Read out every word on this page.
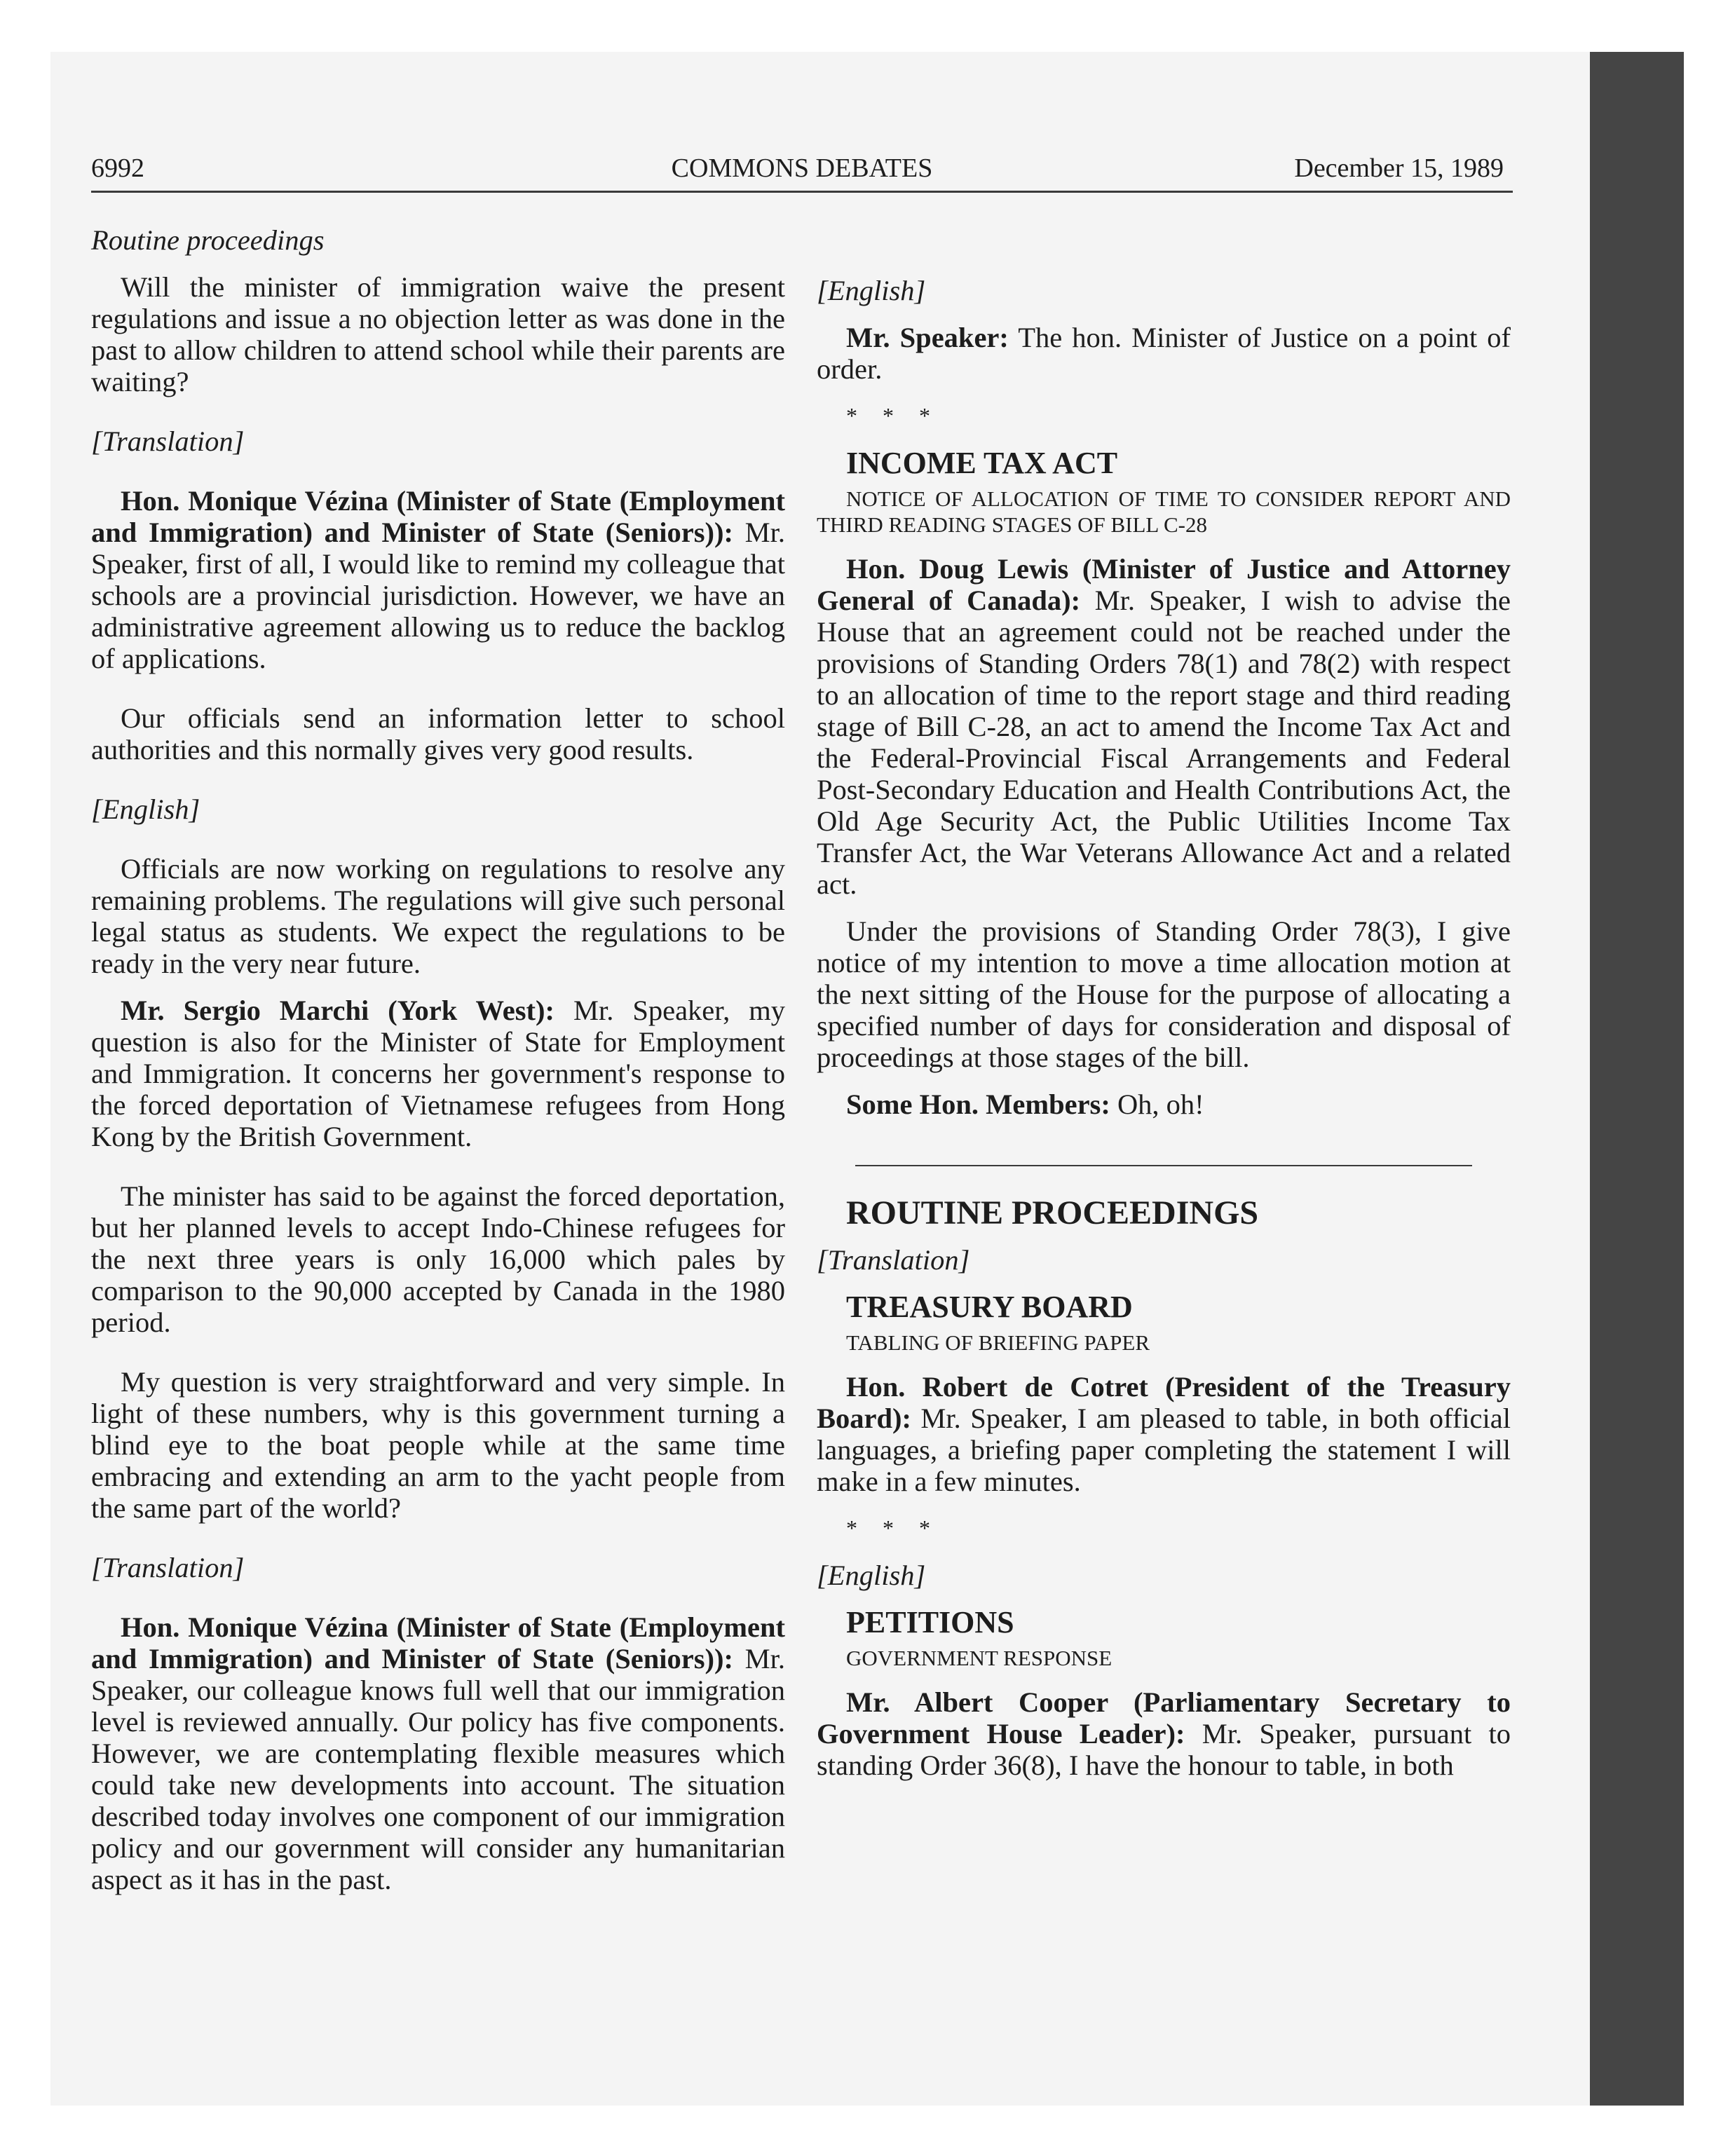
6992	COMMONS DEBATES	December 15, 1989

Routine proceedings

Will the minister of immigration waive the present regulations and issue a no objection letter as was done in the past to allow children to attend school while their parents are waiting?

[Translation]

Hon. Monique Vézina (Minister of State (Employment and Immigration) and Minister of State (Seniors)): Mr. Speaker, first of all, I would like to remind my colleague that schools are a provincial jurisdiction. However, we have an administrative agreement allowing us to reduce the backlog of applications.

Our officials send an information letter to school authorities and this normally gives very good results.

[English]

Officials are now working on regulations to resolve any remaining problems. The regulations will give such personal legal status as students. We expect the regulations to be ready in the very near future.

Mr. Sergio Marchi (York West): Mr. Speaker, my question is also for the Minister of State for Employment and Immigration. It concerns her government's response to the forced deportation of Vietnamese refugees from Hong Kong by the British Government.

The minister has said to be against the forced deportation, but her planned levels to accept Indo-Chinese refugees for the next three years is only 16,000 which pales by comparison to the 90,000 accepted by Canada in the 1980 period.

My question is very straightforward and very simple. In light of these numbers, why is this government turning a blind eye to the boat people while at the same time embracing and extending an arm to the yacht people from the same part of the world?

[Translation]

Hon. Monique Vézina (Minister of State (Employment and Immigration) and Minister of State (Seniors)): Mr. Speaker, our colleague knows full well that our immigration level is reviewed annually. Our policy has five components. However, we are contemplating flexible measures which could take new developments into account. The situation described today involves one component of our immigration policy and our government will consider any humanitarian aspect as it has in the past.

[English]

Mr. Speaker: The hon. Minister of Justice on a point of order.

* * *

INCOME TAX ACT

NOTICE OF ALLOCATION OF TIME TO CONSIDER REPORT AND THIRD READING STAGES OF BILL C-28

Hon. Doug Lewis (Minister of Justice and Attorney General of Canada): Mr. Speaker, I wish to advise the House that an agreement could not be reached under the provisions of Standing Orders 78(1) and 78(2) with respect to an allocation of time to the report stage and third reading stage of Bill C-28, an act to amend the Income Tax Act and the Federal-Provincial Fiscal Arrangements and Federal Post-Secondary Education and Health Contributions Act, the Old Age Security Act, the Public Utilities Income Tax Transfer Act, the War Veterans Allowance Act and a related act.

Under the provisions of Standing Order 78(3), I give notice of my intention to move a time allocation motion at the next sitting of the House for the purpose of allocating a specified number of days for consideration and disposal of proceedings at those stages of the bill.

Some Hon. Members: Oh, oh!

ROUTINE PROCEEDINGS

[Translation]

TREASURY BOARD

TABLING OF BRIEFING PAPER

Hon. Robert de Cotret (President of the Treasury Board): Mr. Speaker, I am pleased to table, in both official languages, a briefing paper completing the statement I will make in a few minutes.

* * *

[English]

PETITIONS

GOVERNMENT RESPONSE

Mr. Albert Cooper (Parliamentary Secretary to Government House Leader): Mr. Speaker, pursuant to standing Order 36(8), I have the honour to table, in both
